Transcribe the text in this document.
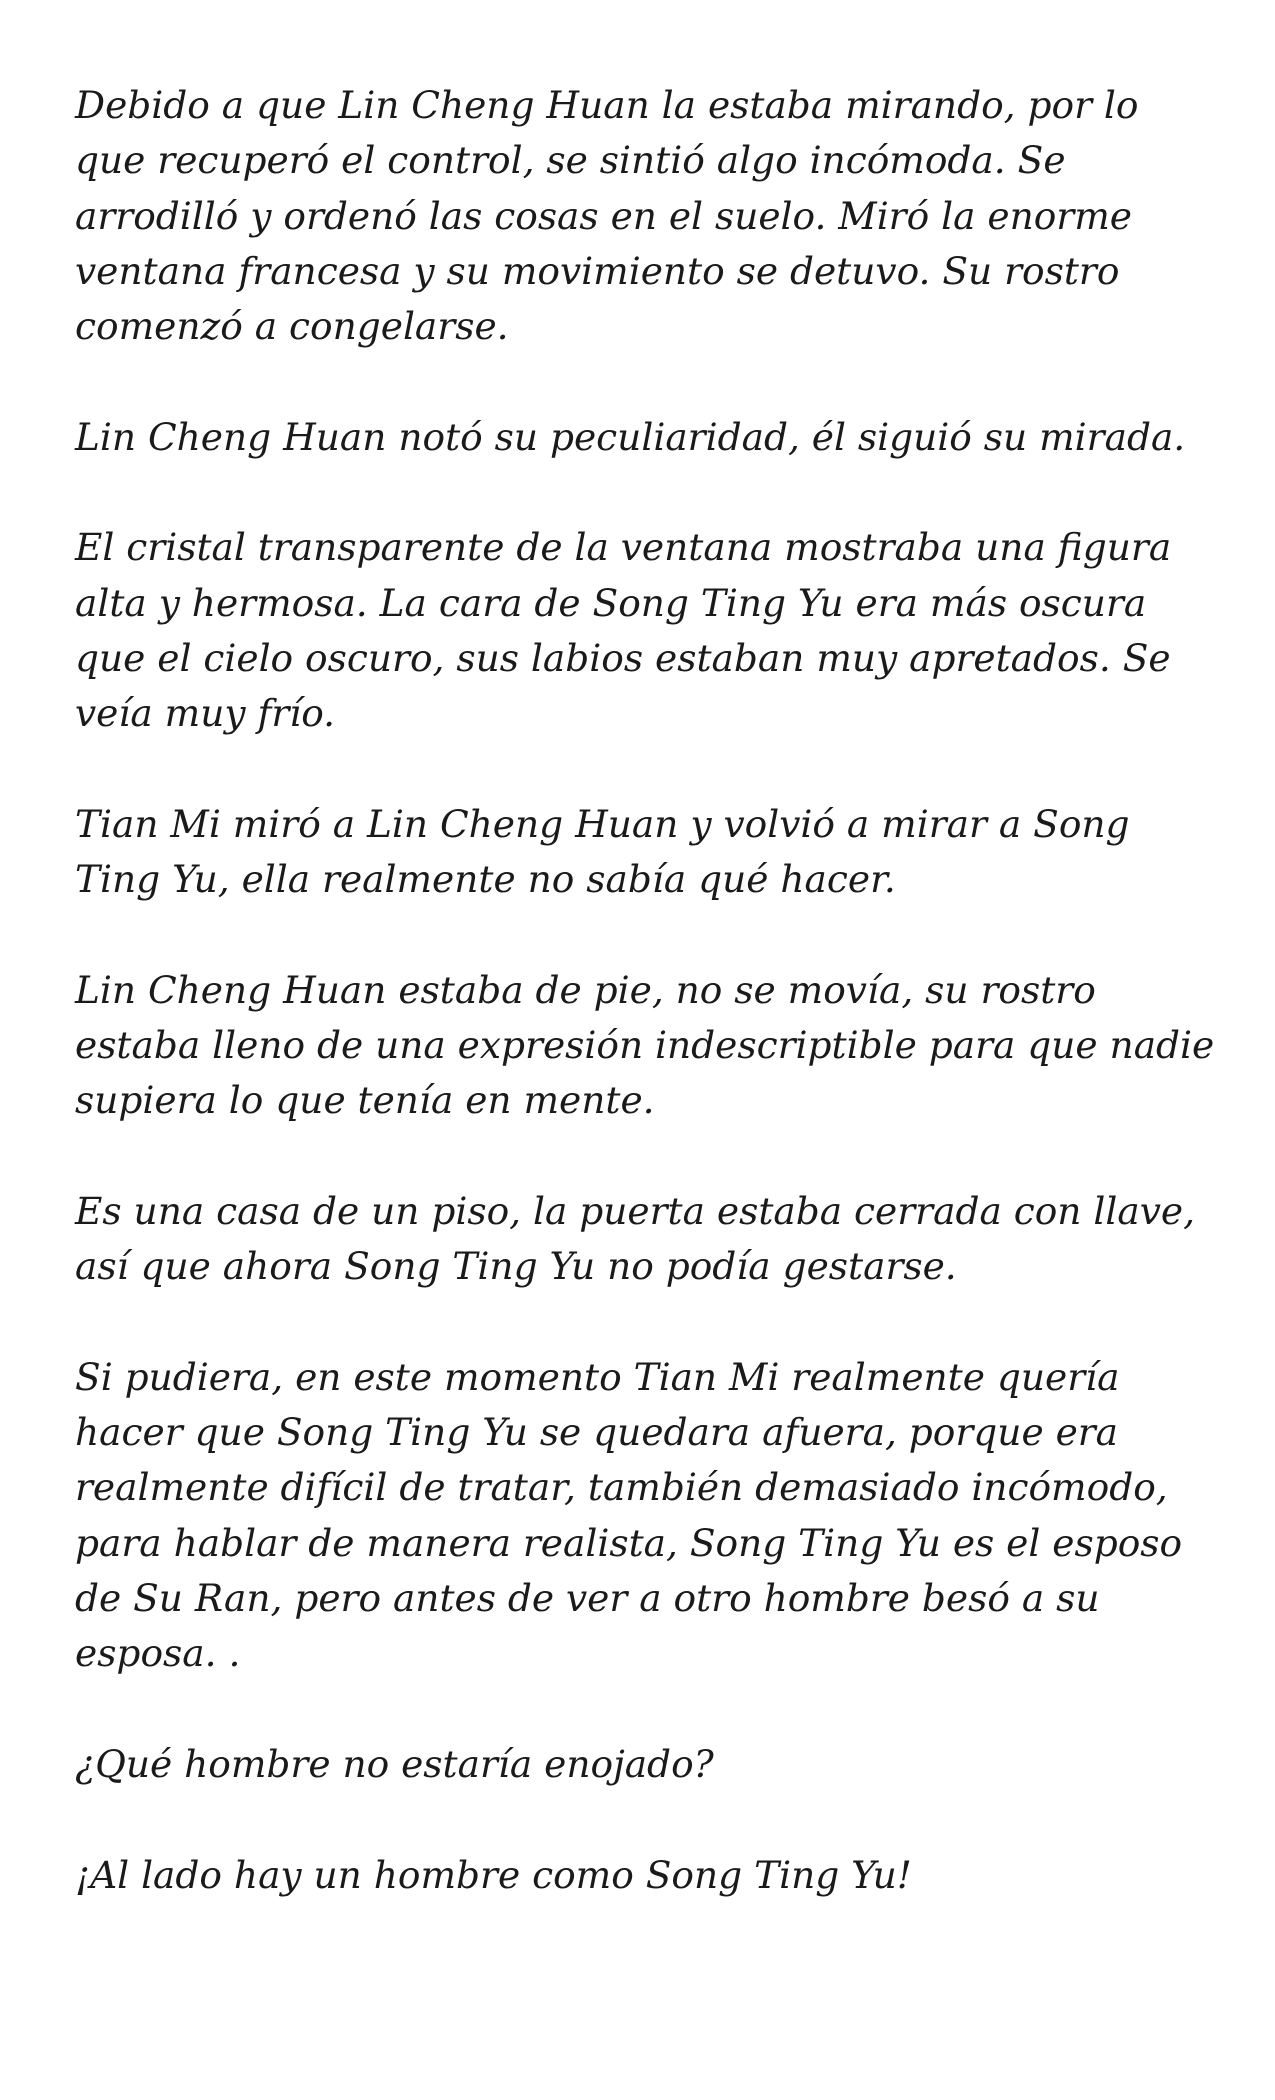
Debido a que Lin Cheng Huan la estaba mirando, por lo que recuperó el control, se sintió algo incómoda. Se arrodilló y ordenó las cosas en el suelo. Miró la enorme ventana francesa y su movimiento se detuvo. Su rostro comenzó a congelarse.

Lin Cheng Huan notó su peculiaridad, él siguió su mirada.

El cristal transparente de la ventana mostraba una figura alta y hermosa. La cara de Song Ting Yu era más oscura que el cielo oscuro, sus labios estaban muy apretados. Se veía muy frío.

Tian Mi miró a Lin Cheng Huan y volvió a mirar a Song Ting Yu, ella realmente no sabía qué hacer.

Lin Cheng Huan estaba de pie, no se movía, su rostro estaba lleno de una expresión indescriptible para que nadie supiera lo que tenía en mente.

Es una casa de un piso, la puerta estaba cerrada con llave, así que ahora Song Ting Yu no podía gestarse.

Si pudiera, en este momento Tian Mi realmente quería hacer que Song Ting Yu se quedara afuera, porque era realmente difícil de tratar, también demasiado incómodo, para hablar de manera realista, Song Ting Yu es el esposo de Su Ran, pero antes de ver a otro hombre besó a su esposa. .

¿Qué hombre no estaría enojado?

¡Al lado hay un hombre como Song Ting Yu!
